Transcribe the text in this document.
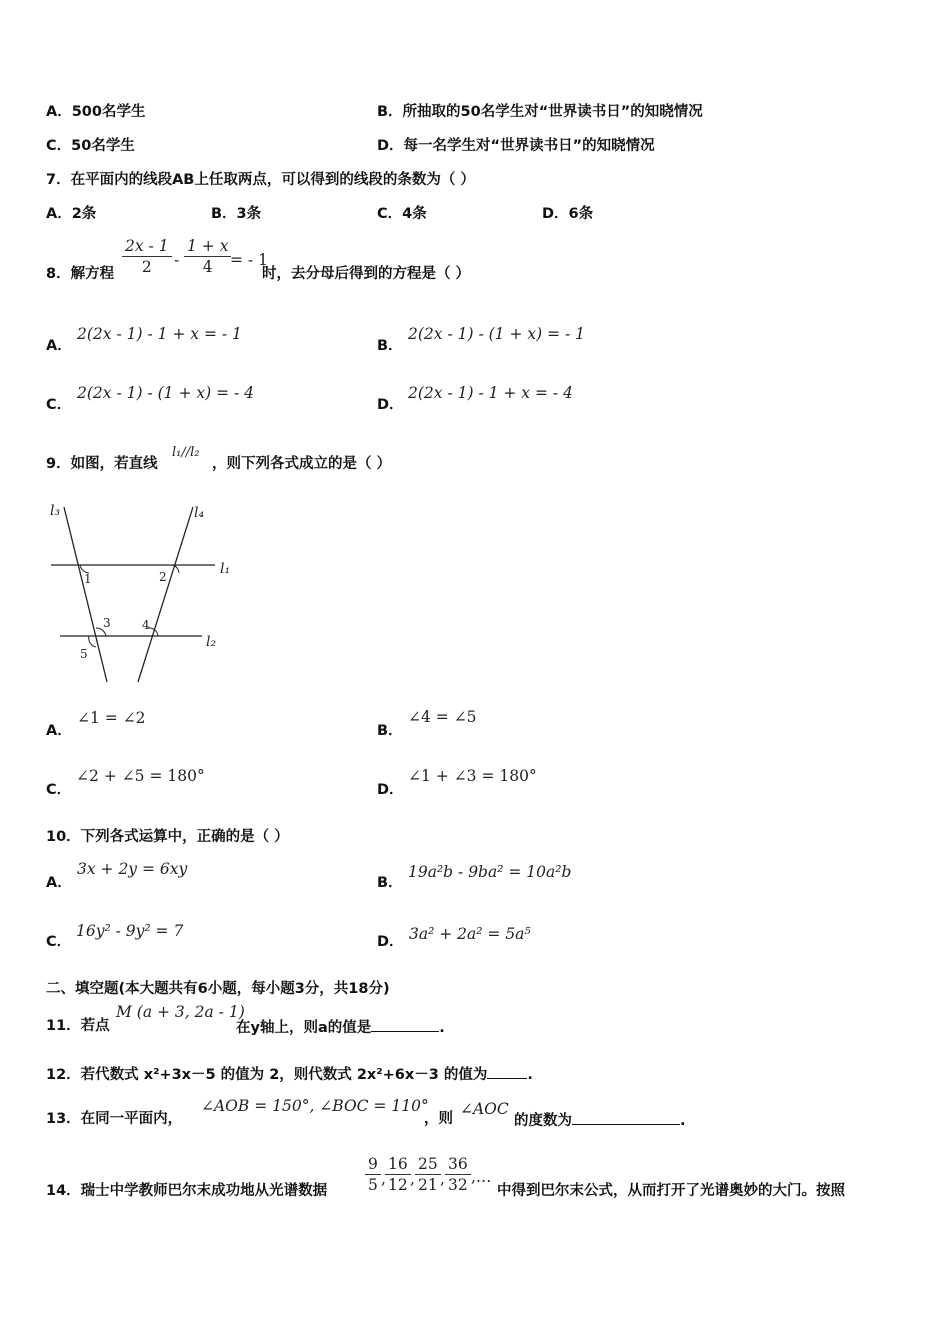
A．500名学生	B．所抽取的50名学生对“世界读书日”的知晓情况
C．50名学生	D．每一名学生对“世界读书日”的知晓情况
7．在平面内的线段AB上任取两点，可以得到的线段的条数为（ ）
A．2条	B．3条	C．4条	D．6条
8．解方程 $\frac{2x - 1}{2} - \frac{1 + x}{4}$
= - 1
时，去分母后得到的方程是（ ）
A．
2(2x - 1) - 1 + x = - 1
B．
2(2x - 1) - (1 + x) = - 1
C．
2(2x - 1) - (1 + x) = - 4
D．
2(2x - 1) - 1 + x = - 4
9．如图，若直线
l₁//l₂
，则下列各式成立的是（ ）
l₃	l₄
l₁
l₂
1	2
3	4
5
A．
∠1 = ∠2
B．
∠4 = ∠5
C．
∠2 + ∠5 = 180°
D．
∠1 + ∠3 = 180°
10．下列各式运算中，正确的是（ ）
A．
3x + 2y = 6xy
B．
19a²b - 9ba² = 10a²b
C．
16y² - 9y² = 7
D． 3a² + 2a² = 5a⁵
二、填空题(本大题共有6小题，每小题3分，共18分)
11．若点
M (a + 3, 2a - 1)
在y轴上，则a的值是	.
12．若代数式 x²+3x－5 的值为 2，则代数式 2x²+6x－3 的值为	.
13．在同一平面内，
∠AOB = 150°, ∠BOC = 110°
，则
∠AOC
的度数为	.
14．瑞士中学教师巴尔末成功地从光谱数据 $\frac{9}{5}$ , $\frac{16}{12}$ , $\frac{25}{21}$ , $\frac{36}{32}$ ,…
中得到巴尔末公式，从而打开了光谱奥妙的大门。按照
